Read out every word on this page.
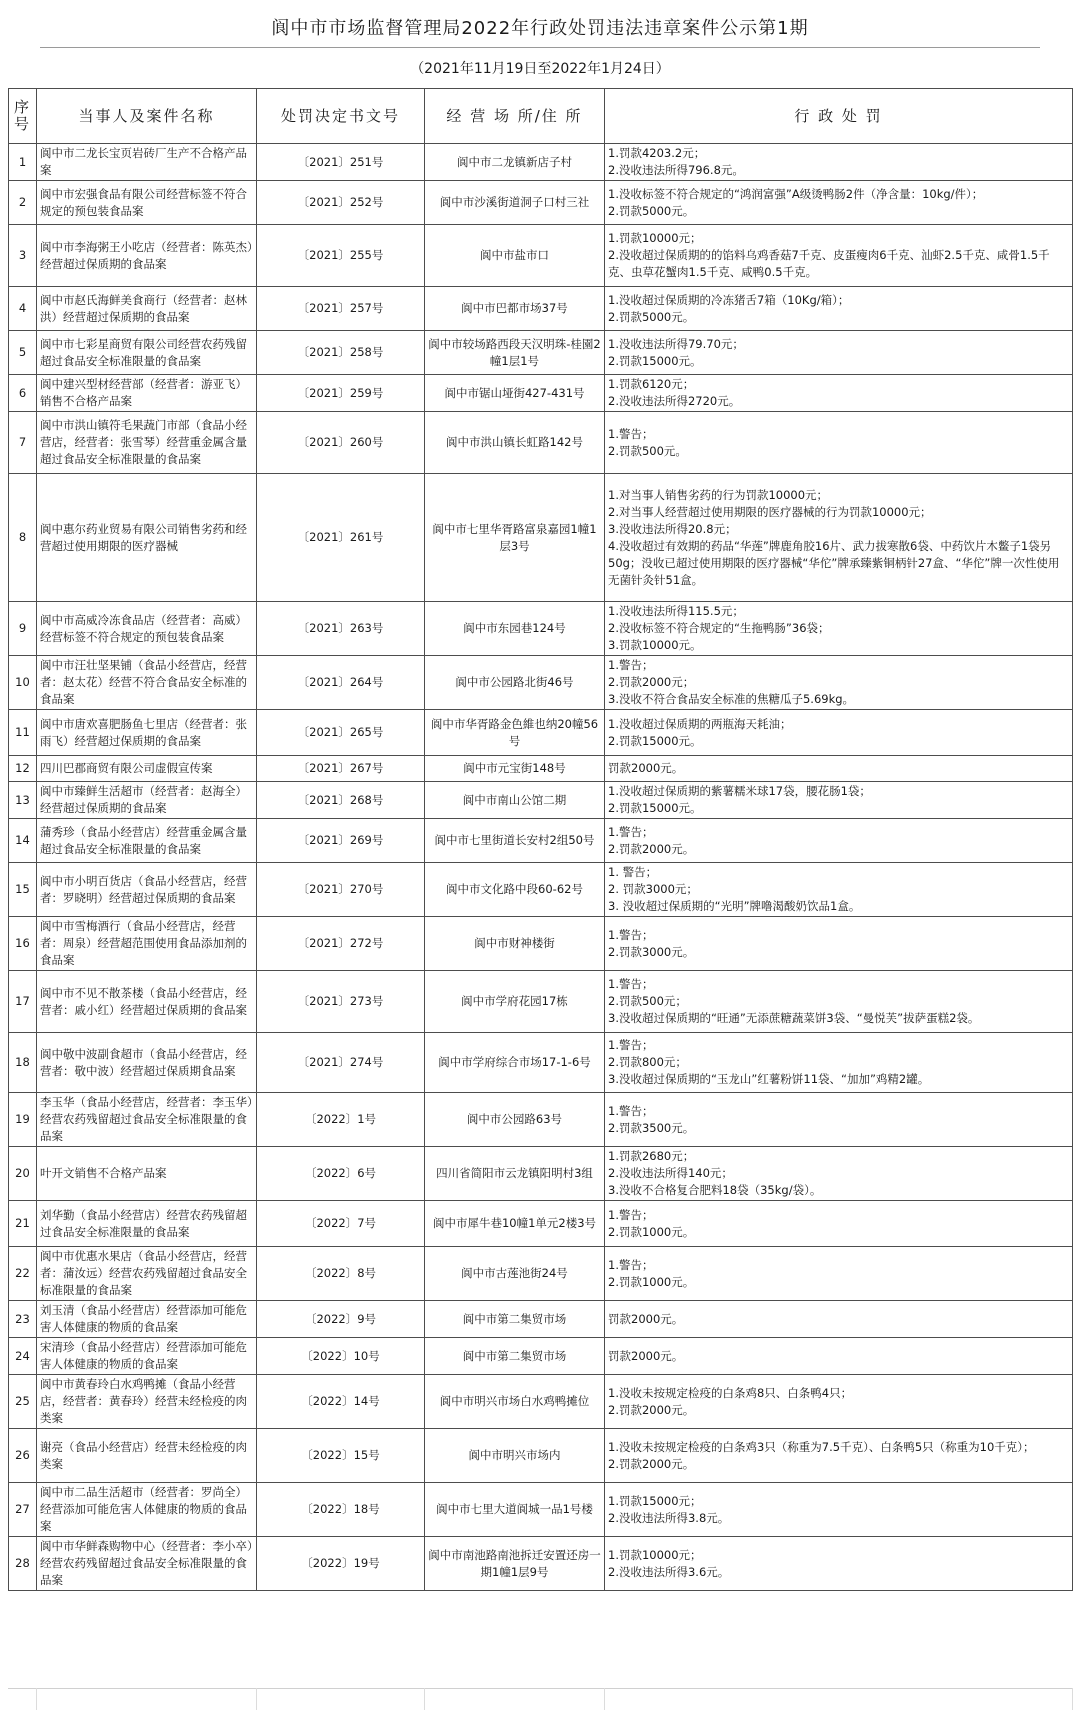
阆中市市场监督管理局2022年行政处罚违法违章案件公示第1期
（2021年11月19日至2022年1月24日）
序号	当事人及案件名称	处罚决定书文号	经 营 场 所/住 所	行 政 处 罚
1	阆中市二龙长宝页岩砖厂生产不合格产品案	〔2021〕251号	阆中市二龙镇新店子村	1.罚款4203.2元；
2.没收违法所得796.8元。

2	阆中市宏强食品有限公司经营标签不符合规定的预包装食品案	〔2021〕252号	阆中市沙溪街道洞子口村三社	1.没收标签不符合规定的“鸿润富强”A级烫鸭肠2件（净含量：10kg/件）；
2.罚款5000元。

3	阆中市李海粥王小吃店（经营者：陈英杰）经营超过保质期的食品案	〔2021〕255号	阆中市盐市口	1.罚款10000元；
2.没收超过保质期的的馅料乌鸡香菇7千克、皮蛋瘦肉6千克、汕虾2.5千克、咸骨1.5千克、虫草花蟹肉1.5千克、咸鸭0.5千克。

4	阆中市赵氏海鲜美食商行（经营者：赵林洪）经营超过保质期的食品案	〔2021〕257号	阆中市巴都市场37号	1.没收超过保质期的冷冻猪舌7箱（10Kg/箱）；
2.罚款5000元。

5	阆中市七彩星商贸有限公司经营农药残留超过食品安全标准限量的食品案	〔2021〕258号	阆中市较场路西段天汉明珠-桂園2幢1层1号	1.没收违法所得79.70元；
2.罚款15000元。

6	阆中建兴型材经营部（经营者：游亚飞）销售不合格产品案	〔2021〕259号	阆中市锯山垭街427-431号	1.罚款6120元；
2.没收违法所得2720元。

7	阆中市洪山镇符毛果蔬门市部（食品小经营店，经营者：张雪琴）经营重金属含量超过食品安全标准限量的食品案	〔2021〕260号	阆中市洪山镇长虹路142号	1.警告；
2.罚款500元。

8	阆中惠尔药业贸易有限公司销售劣药和经营超过使用期限的医疗器械	〔2021〕261号	阆中市七里华胥路富泉嘉园1幢1层3号	1.对当事人销售劣药的行为罚款10000元；
2.对当事人经营超过使用期限的医疗器械的行为罚款10000元；
3.没收违法所得20.8元；
4.没收超过有效期的药品“华莲”牌鹿角胶16片、武力拔寒散6袋、中药饮片木鳖子1袋另50g；没收已超过使用期限的医疗器械“华佗”牌承臻紫铜柄针27盒、“华佗”牌一次性使用无菌针灸针51盒。

9	阆中市高威冷冻食品店（经营者：高威）经营标签不符合规定的预包装食品案	〔2021〕263号	阆中市东园巷124号	1.没收违法所得115.5元；
2.没收标签不符合规定的“生拖鸭肠”36袋；
3.罚款10000元。

10	阆中市汪壮坚果铺（食品小经营店，经营者：赵太花）经营不符合食品安全标准的食品案	〔2021〕264号	阆中市公园路北街46号	1.警告；
2.罚款2000元；
3.没收不符合食品安全标准的焦糖瓜子5.69kg。

11	阆中市唐欢喜肥肠鱼七里店（经营者：张雨飞）经营超过保质期的食品案	〔2021〕265号	阆中市华胥路金色維也纳20幢56号	1.没收超过保质期的两瓶海天耗油；
2.罚款15000元。

12	四川巴郡商贸有限公司虚假宣传案	〔2021〕267号	阆中市元宝街148号	罚款2000元。

13	阆中市臻鲜生活超市（经营者：赵海全）经营超过保质期的食品案	〔2021〕268号	阆中市南山公馆二期	1.没收超过保质期的紫薯糯米球17袋，腰花肠1袋；
2.罚款15000元。

14	蒲秀珍（食品小经营店）经营重金属含量超过食品安全标准限量的食品案	〔2021〕269号	阆中市七里街道长安村2组50号	1.警告；
2.罚款2000元。

15	阆中市小明百货店（食品小经营店，经营者：罗晓明）经营超过保质期的食品案	〔2021〕270号	阆中市文化路中段60-62号	1. 警告；
2. 罚款3000元；
3. 没收超过保质期的“光明”牌噜渴酸奶饮品1盒。

16	阆中市雪梅酒行（食品小经营店，经营者：周泉）经营超范围使用食品添加剂的食品案	〔2021〕272号	阆中市财神楼街	1.警告；
2.罚款3000元。

17	阆中市不见不散茶楼（食品小经营店，经营者：戚小红）经营超过保质期的食品案	〔2021〕273号	阆中市学府花园17栋	1.警告；
2.罚款500元；
3.没收超过保质期的“旺通”无添蔗糖蔬菜饼3袋、“曼悦芙”拔萨蛋糕2袋。

18	阆中敬中波副食超市（食品小经营店，经营者：敬中波）经营超过保质期食品案	〔2021〕274号	阆中市学府综合市场17-1-6号	1.警告；
2.罚款800元；
3.没收超过保质期的“玉龙山”红薯粉饼11袋、“加加”鸡精2罐。

19	李玉华（食品小经营店，经营者：李玉华）经营农药残留超过食品安全标准限量的食品案	〔2022〕1号	阆中市公园路63号	1.警告；
2.罚款3500元。

20	叶开文销售不合格产品案	〔2022〕6号	四川省简阳市云龙镇阳明村3组	1.罚款2680元；
2.没收违法所得140元；
3.没收不合格复合肥料18袋（35kg/袋）。

21	刘华勤（食品小经营店）经营农药残留超过食品安全标准限量的食品案	〔2022〕7号	阆中市犀牛巷10幢1单元2楼3号	1.警告；
2.罚款1000元。

22	阆中市优惠水果店（食品小经营店，经营者：蒲汝远）经营农药残留超过食品安全标准限量的食品案	〔2022〕8号	阆中市古莲池街24号	1.警告；
2.罚款1000元。

23	刘玉清（食品小经营店）经营添加可能危害人体健康的物质的食品案	〔2022〕9号	阆中市第二集贸市场	罚款2000元。

24	宋清珍（食品小经营店）经营添加可能危害人体健康的物质的食品案	〔2022〕10号	阆中市第二集贸市场	罚款2000元。

25	阆中市黄春玲白水鸡鸭摊（食品小经营店，经营者：黄春玲）经营未经检疫的肉类案	〔2022〕14号	阆中市明兴市场白水鸡鸭摊位	1.没收未按规定检疫的白条鸡8只、白条鸭4只；
2.罚款2000元。

26	谢亮（食品小经营店）经营未经检疫的肉类案	〔2022〕15号	阆中市明兴市场内	1.没收未按规定检疫的白条鸡3只（称重为7.5千克）、白条鸭5只（称重为10千克）；
2.罚款2000元。

27	阆中市二品生活超市（经营者：罗尚全）经营添加可能危害人体健康的物质的食品案	〔2022〕18号	阆中市七里大道阆城一品1号楼	1.罚款15000元；
2.没收违法所得3.8元。

28	阆中市华鲜森购物中心（经营者：李小卒）经营农药残留超过食品安全标准限量的食品案	〔2022〕19号	阆中市南池路南池拆迁安置还房一期1幢1层9号	1.罚款10000元；
2.没收违法所得3.6元。
